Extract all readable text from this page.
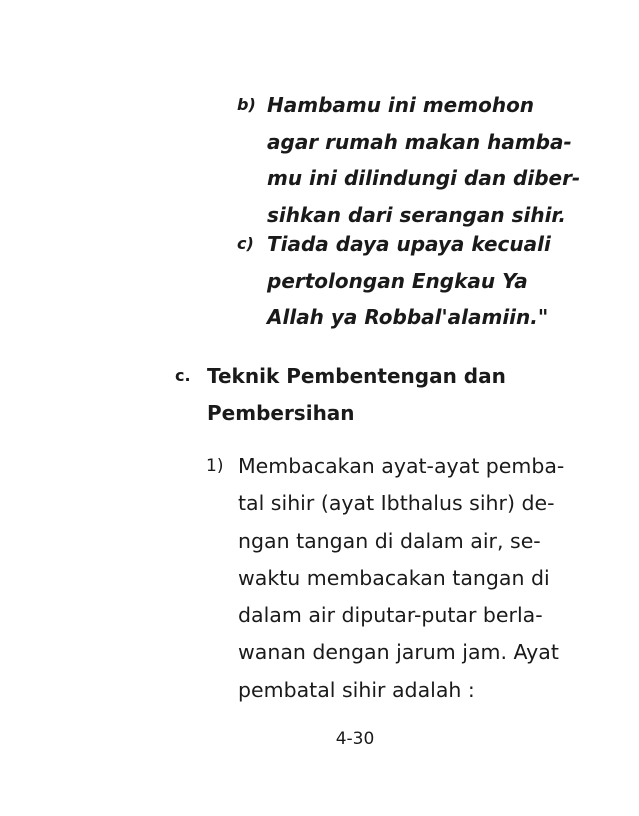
b) Hambamu ini memohon
agar rumah makan hamba-
mu ini dilindungi dan diber-
sihkan dari serangan sihir.
c) Tiada daya upaya kecuali
pertolongan Engkau Ya
Allah ya Robbal'alamiin."
c. Teknik Pembentengan dan
Pembersihan
1) Membacakan ayat-ayat pemba-
tal sihir (ayat Ibthalus sihr) de-
ngan tangan di dalam air, se-
waktu membacakan tangan di
dalam air diputar-putar berla-
wanan dengan jarum jam. Ayat
pembatal sihir adalah :
4-30
